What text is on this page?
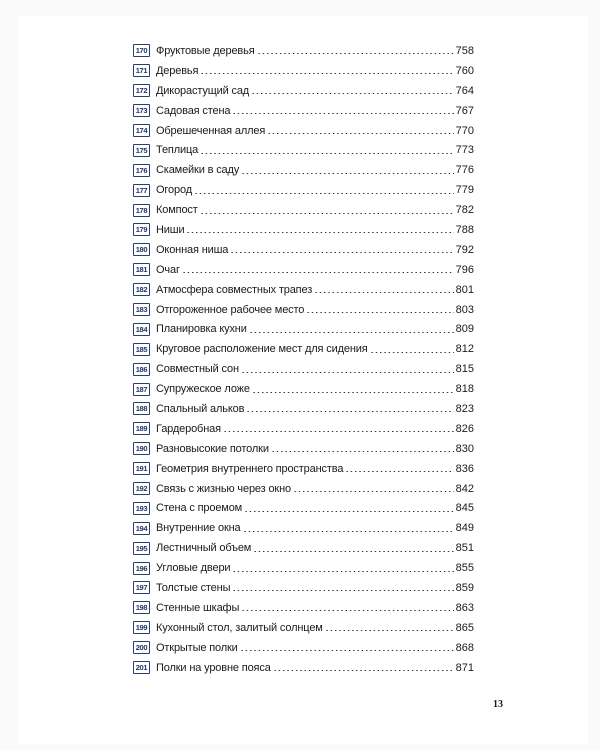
170 Фруктовые деревья	758
171 Деревья	760
172 Дикорастущий сад	764
173 Садовая стена	767
174 Обрешеченная аллея	770
175 Теплица	773
176 Скамейки в саду	776
177 Огород	779
178 Компост	782
179 Ниши	788
180 Оконная ниша	792
181 Очаг	796
182 Атмосфера совместных трапез	801
183 Отгороженное рабочее место	803
184 Планировка кухни	809
185 Круговое расположение мест для сидения	812
186 Совместный сон	815
187 Супружеское ложе	818
188 Спальный альков	823
189 Гардеробная	826
190 Разновысокие потолки	830
191 Геометрия внутреннего пространства	836
192 Связь с жизнью через окно	842
193 Стена с проемом	845
194 Внутренние окна	849
195 Лестничный объем	851
196 Угловые двери	855
197 Толстые стены	859
198 Стенные шкафы	863
199 Кухонный стол, залитый солнцем	865
200 Открытые полки	868
201 Полки на уровне пояса	871
13
